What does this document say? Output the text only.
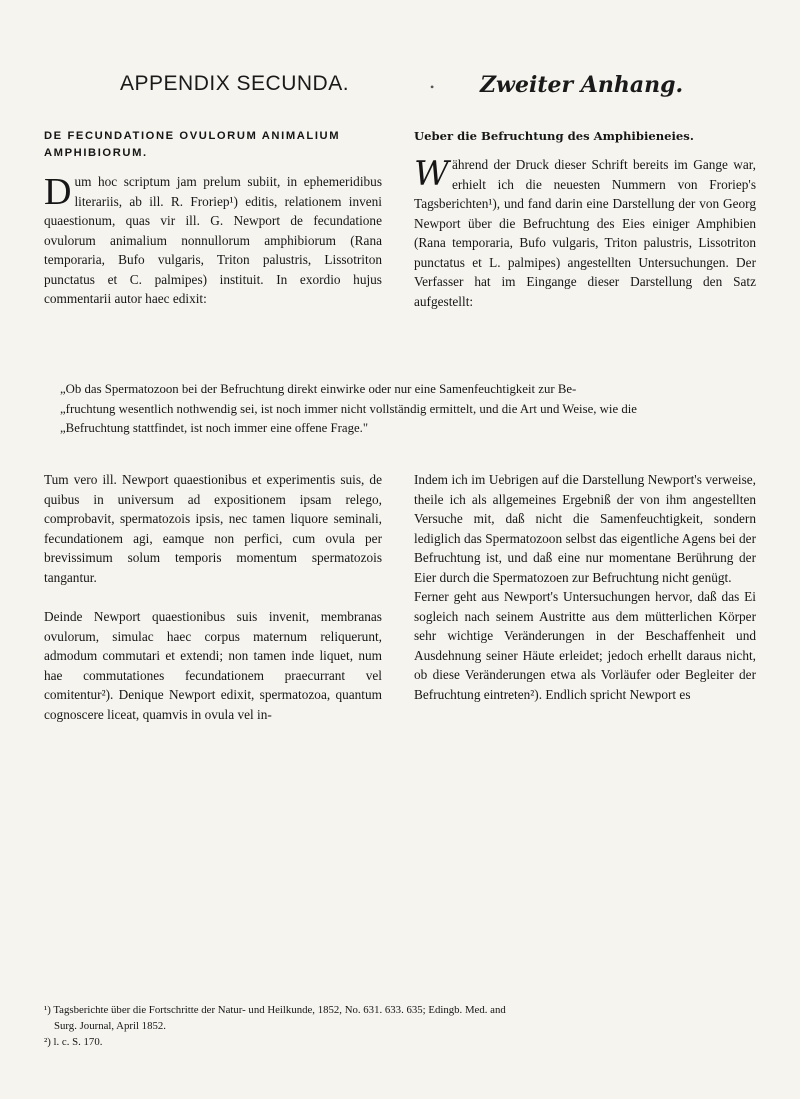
APPENDIX SECUNDA.	• Zweiter Anhang.
DE FECUNDATIONE OVULORUM ANIMALIUM AMPHIBIORUM.

Dum hoc scriptum jam prelum subiit, in ephemeridibus literariis, ab ill. R. Froriep¹) editis, relationem inveni quaestionum, quas vir ill. G. Newport de fecundatione ovulorum animalium nonnullorum amphibiorum (Rana temporaria, Bufo vulgaris, Triton palustris, Lissotriton punctatus et C. palmipes) instituit. In exordio hujus commentarii autor haec edixit:

Ueber die Befruchtung des Amphibieneies.

Während der Druck dieser Schrift bereits im Gange war, erhielt ich die neuesten Nummern von Froriep's Tagsberichten¹), und fand darin eine Darstellung der von Georg Newport über die Befruchtung des Eies einiger Amphibien (Rana temporaria, Bufo vulgaris, Triton palustris, Lissotriton punctatus et L. palmipes) angestellten Untersuchungen. Der Verfasser hat im Eingange dieser Darstellung den Satz aufgestellt:

„Ob das Spermatozoon bei der Befruchtung direkt einwirke oder nur eine Samenfeuchtigkeit zur Be-
„fruchtung wesentlich nothwendig sei, ist noch immer nicht vollständig ermittelt, und die Art und Weise, wie die
„Befruchtung stattfindet, ist noch immer eine offene Frage."

Tum vero ill. Newport quaestionibus et experimentis suis, de quibus in universum ad expositionem ipsam relego, comprobavit, spermatozois ipsis, nec tamen liquore seminali, fecundationem agi, eamque non perfici, cum ovula per brevissimum solum temporis momentum spermatozois tangantur.

Deinde Newport quaestionibus suis invenit, membranas ovulorum, simulac haec corpus maternum reliquerunt, admodum commutari et extendi; non tamen inde liquet, num hae commutationes fecundationem praecurrant vel comitentur²). Denique Newport edixit, spermatozoa, quantum cognoscere liceat, quamvis in ovula vel in-

Indem ich im Uebrigen auf die Darstellung Newport's verweise, theile ich als allgemeines Ergebniß der von ihm angestellten Versuche mit, daß nicht die Samenfeuchtigkeit, sondern lediglich das Spermatozoon selbst das eigentliche Agens bei der Befruchtung ist, und daß eine nur momentane Berührung der Eier durch die Spermatozoen zur Befruchtung nicht genügt.

Ferner geht aus Newport's Untersuchungen hervor, daß das Ei sogleich nach seinem Austritte aus dem mütterlichen Körper sehr wichtige Veränderungen in der Beschaffenheit und Ausdehnung seiner Häute erleidet; jedoch erhellt daraus nicht, ob diese Veränderungen etwa als Vorläufer oder Begleiter der Befruchtung eintreten²). Endlich spricht Newport es

¹) Tagsberichte über die Fortschritte der Natur- und Heilkunde, 1852, No. 631. 633. 635; Edingb. Med. and
Surg. Journal, April 1852.
²) l. c. S. 170.
